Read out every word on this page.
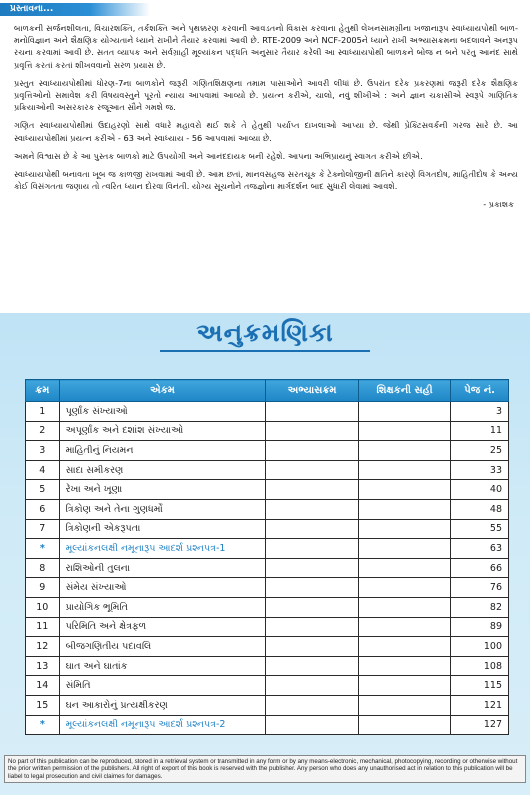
પ્રસ્તાવના...

બાળકની સર્જનશીલતા, વિચારશક્તિ, તર્કશક્તિ અને પૃથક્કરણ કરવાની આવડતનો વિકાસ કરવાના હેતુથી લેખનસામગ્રીના ખજાનારૂપ સ્વાધ્યાયપોથી બાળ-મનોવિજ્ઞાન અને શૈક્ષણિક યોગ્યતાને ધ્યાને રાખીને તૈયાર કરવામાં આવી છે. RTE-2009 અને NCF-2005ને ધ્યાને રાખી અભ્યાસક્રમના બદલાવને અનરૂપ રચના કરવામાં આવી છે. સતત વ્યાપક અને સર્વગ્રાહી મૂલ્યાંકન પદ્ધતિ અનુસાર તૈયાર કરેલી આ સ્વાધ્યાયપોથી બાળકને બોજ ન બને પરંતુ આનંદ સાથે પ્રવૃત્તિ કરતાં કરતાં શીખવવાનો સરળ પ્રયાસ છે.

પ્રસ્તુત સ્વાધ્યાયપોથીમાં ધોરણ-7ના બાળકોને જરૂરી ગણિતશિક્ષણના તમામ પાસાઓને આવરી લીધાં છે. ઉપરાંત દરેક પ્રકરણમાં જરૂરી દરેક શૈક્ષણિક પ્રવૃત્તિઓનો સમાવેશ કરી વિષયવસ્તુને પૂરતો ન્યાય આપવામાં આવ્યો છે. પ્રયત્ન કરીએ, ચાલો, નવું શીખીએ : અને જ્ઞાન ચકાસીએ સ્વરૂપે ગાણિતિક પ્રક્રિયાઓની અસરકારક રજૂઆત સૌને ગમશે જ.

ગણિત સ્વાધ્યાયપોથીમાં ઉદાહરણો સાથે વધારે મહાવરો થઈ શકે તે હેતુથી પર્યાપ્ત દાખલાઓ આપ્યા છે. જેથી પ્રેક્ટિસવર્કની ગરજ સારે છે. આ સ્વાધ્યાયપોથીમાં પ્રયત્ન કરીએ - 63 અને સ્વાધ્યાય - 56 આપવામાં આવ્યા છે.

અમને વિશ્વાસ છે કે આ પુસ્તક બાળકો માટે ઉપયોગી અને આનંદદાયક બની રહેશે. આપના અભિપ્રાયનું સ્વાગત કરીએ છીએ.

સ્વાધ્યાયપોથી બનાવતા ખૂબ જ કાળજી રાખવામાં આવી છે. આમ છતાં, માનવસહજ સરતચૂક કે ટેક્નોલોજીની ક્ષતિને કારણે વિગતદોષ, માહિતીદોષ કે અન્ય કોઈ વિસંગતતા જણાય તો ત્વરિત ધ્યાન દોરવા વિનંતી. યોગ્ય સૂચનોને તજજ્ઞોના માર્ગદર્શન બાદ સુધારી લેવામાં આવશે.

- પ્રકાશક
અનુક્રમણિકા
ક્રમ	એકમ	અભ્યાસક્રમ	શિક્ષકની સહી	પેજ નં.
1	પૂર્ણાંક સંખ્યાઓ			3
2	અપૂર્ણાંક અને દશાંશ સંખ્યાઓ			11
3	માહિતીનું નિયમન			25
4	સાદા સમીકરણ			33
5	રેખા અને ખૂણા			40
6	ત્રિકોણ અને તેના ગુણધર્મો			48
7	ત્રિકોણની એકરૂપતા			55
*	મૂલ્યાંકનલક્ષી નમૂનારૂપ આદર્શ પ્રશ્નપત્ર-1			63
8	રાશિઓની તુલના			66
9	સંમેય સંખ્યાઓ			76
10	પ્રાયોગિક ભૂમિતિ			82
11	પરિમિતિ અને ક્ષેત્રફળ			89
12	બીજગણિતીય પદાવલિ			100
13	ઘાત અને ઘાતાંક			108
14	સંમિતિ			115
15	ઘન આકારોનું પ્રત્યક્ષીકરણ			121
*	મૂલ્યાંકનલક્ષી નમૂનારૂપ આદર્શ પ્રશ્નપત્ર-2			127
No part of this publication can be reproduced, stored in a retrieval system or transmitted in any form or by any means-electronic, mechanical, photocopying, recording or otherwise without the prior written permission of the publishers. All right of export of this book is reserved with the publisher. Any person who does any unauthorised act in relation to this publication will be liabel to legal prosecution and civil claimes for damages.
